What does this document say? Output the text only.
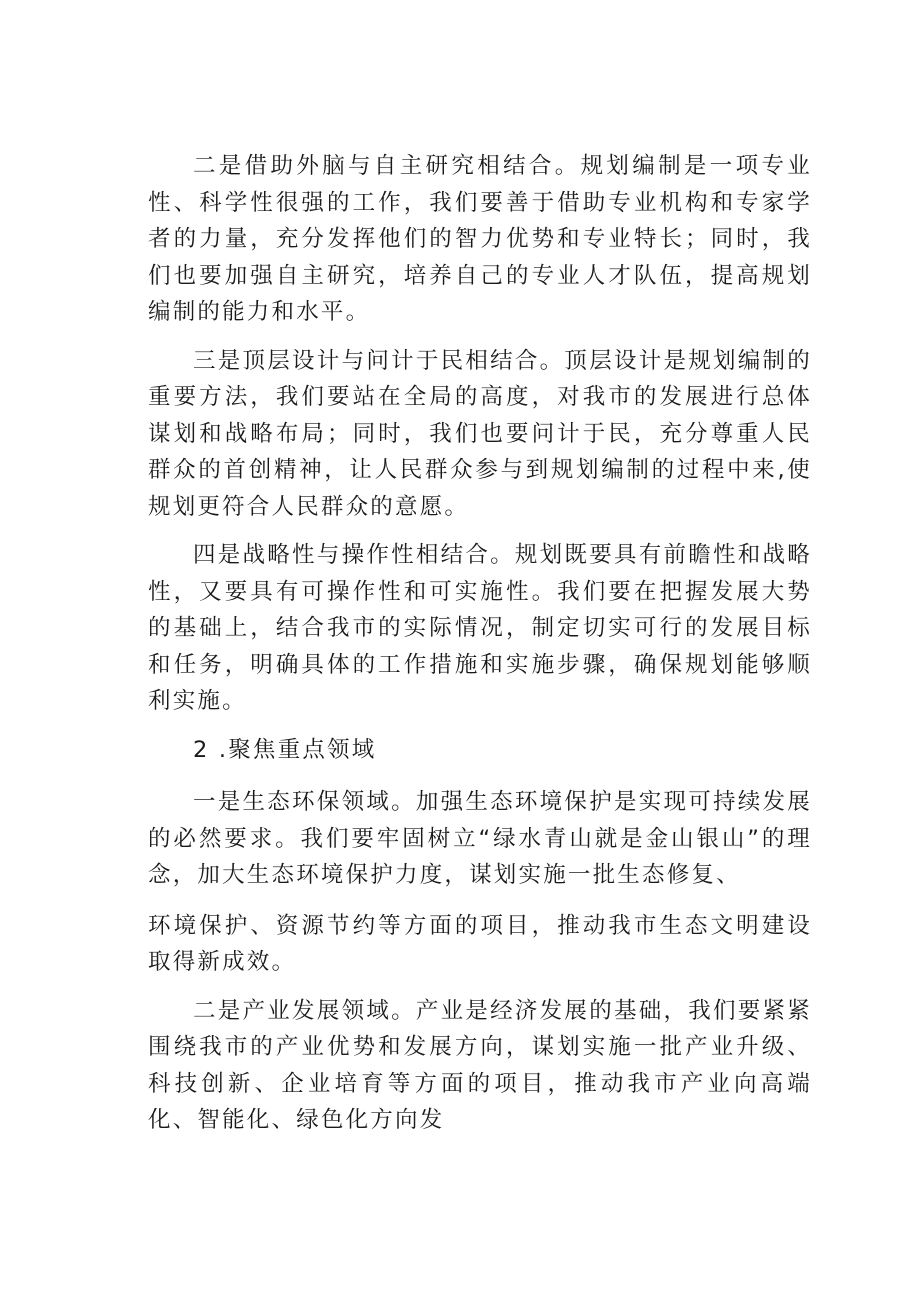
二是借助外脑与自主研究相结合。规划编制是一项专业性、科学性很强的工作，我们要善于借助专业机构和专家学者的力量，充分发挥他们的智力优势和专业特长；同时，我们也要加强自主研究，培养自己的专业人才队伍，提高规划编制的能力和水平。

三是顶层设计与问计于民相结合。顶层设计是规划编制的重要方法，我们要站在全局的高度，对我市的发展进行总体谋划和战略布局；同时，我们也要问计于民，充分尊重人民群众的首创精神，让人民群众参与到规划编制的过程中来,使规划更符合人民群众的意愿。

四是战略性与操作性相结合。规划既要具有前瞻性和战略性，又要具有可操作性和可实施性。我们要在把握发展大势的基础上，结合我市的实际情况，制定切实可行的发展目标和任务，明确具体的工作措施和实施步骤，确保规划能够顺利实施。

2 .聚焦重点领域

一是生态环保领域。加强生态环境保护是实现可持续发展的必然要求。我们要牢固树立“绿水青山就是金山银山”的理念，加大生态环境保护力度，谋划实施一批生态修复、

环境保护、资源节约等方面的项目，推动我市生态文明建设取得新成效。

二是产业发展领域。产业是经济发展的基础，我们要紧紧围绕我市的产业优势和发展方向，谋划实施一批产业升级、科技创新、企业培育等方面的项目，推动我市产业向高端化、智能化、绿色化方向发
